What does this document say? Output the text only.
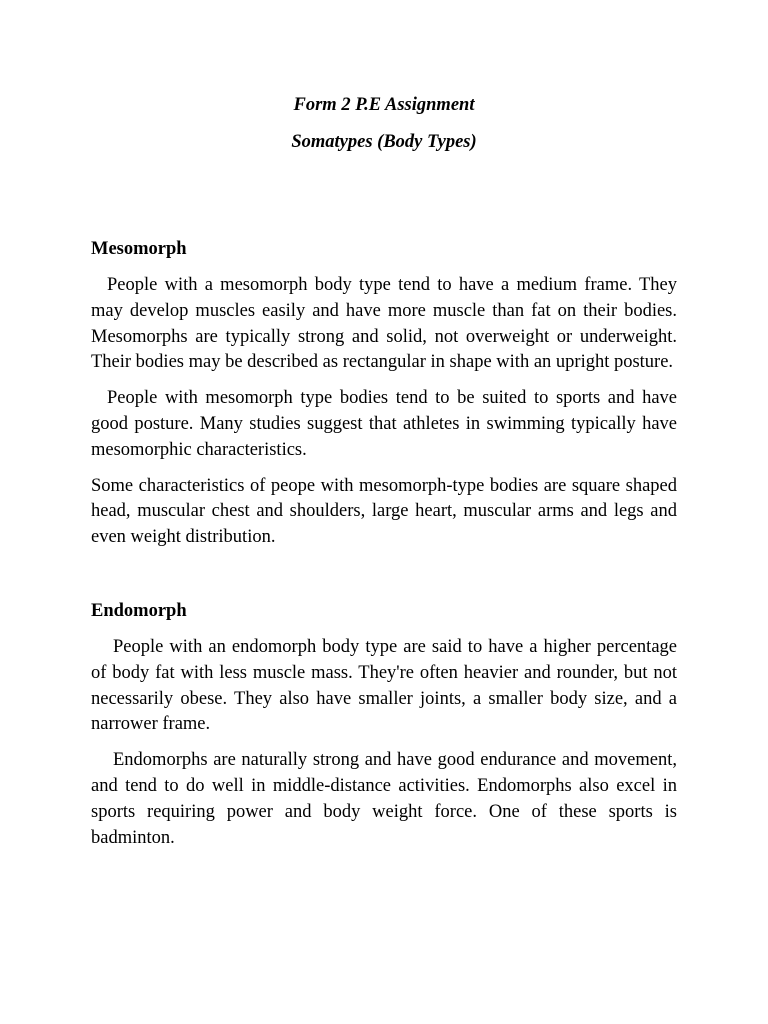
Form 2 P.E Assignment
Somatypes (Body Types)
Mesomorph

People with a mesomorph body type tend to have a medium frame. They may develop muscles easily and have more muscle than fat on their bodies. Mesomorphs are typically strong and solid, not overweight or underweight. Their bodies may be described as rectangular in shape with an upright posture.

People with mesomorph type bodies tend to be suited to sports and have good posture. Many studies suggest that athletes in swimming typically have mesomorphic characteristics.

Some characteristics of peope with mesomorph-type bodies are square shaped head, muscular chest and shoulders, large heart, muscular arms and legs and even weight distribution.

Endomorph

People with an endomorph body type are said to have a higher percentage of body fat with less muscle mass. They're often heavier and rounder, but not necessarily obese. They also have smaller joints, a smaller body size, and a narrower frame.

Endomorphs are naturally strong and have good endurance and movement, and tend to do well in middle-distance activities. Endomorphs also excel in sports requiring power and body weight force. One of these sports is badminton.
